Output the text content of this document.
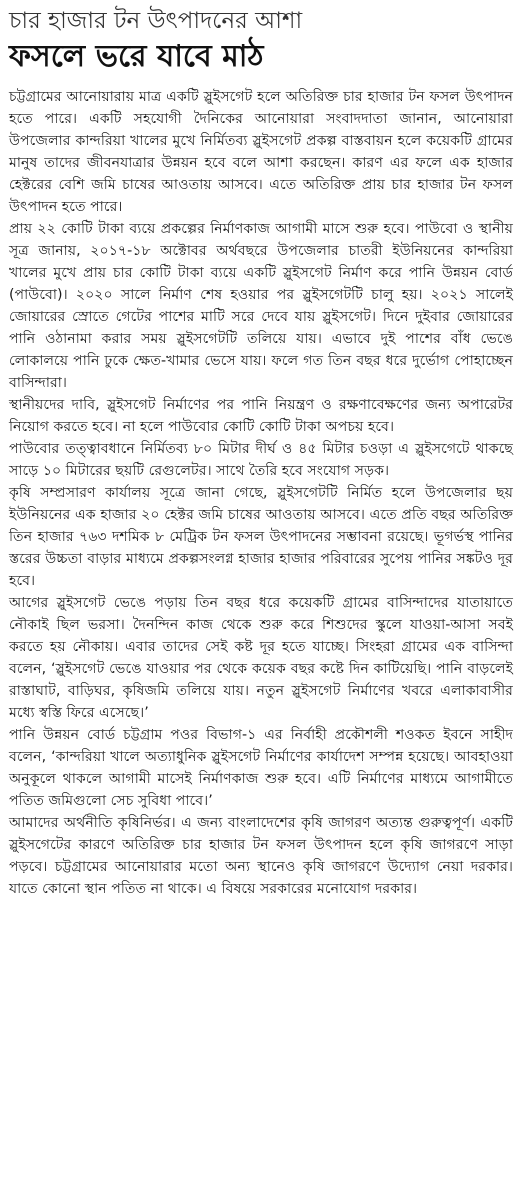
চার হাজার টন উৎপাদনের আশা
ফসলে ভরে যাবে মাঠ

চট্টগ্রামের আনোয়ারায় মাত্র একটি স্লুইসগেট হলে অতিরিক্ত চার হাজার টন ফসল উৎপাদন হতে পারে। একটি সহযোগী দৈনিকের আনোয়ারা সংবাদদাতা জানান, আনোয়ারা উপজেলার কান্দরিয়া খালের মুখে নির্মিতব্য স্লুইসগেট প্রকল্প বাস্তবায়ন হলে কয়েকটি গ্রামের মানুষ তাদের জীবনযাত্রার উন্নয়ন হবে বলে আশা করছেন। কারণ এর ফলে এক হাজার হেক্টরের বেশি জমি চাষের আওতায় আসবে। এতে অতিরিক্ত প্রায় চার হাজার টন ফসল উৎপাদন হতে পারে।

প্রায় ২২ কোটি টাকা ব্যয়ে প্রকল্পের নির্মাণকাজ আগামী মাসে শুরু হবে। পাউবো ও স্থানীয় সূত্র জানায়, ২০১৭-১৮ অক্টোবর অর্থবছরে উপজেলার চাতরী ইউনিয়নের কান্দরিয়া খালের মুখে প্রায় চার কোটি টাকা ব্যয়ে একটি স্লুইসগেট নির্মাণ করে পানি উন্নয়ন বোর্ড (পাউবো)। ২০২০ সালে নির্মাণ শেষ হওয়ার পর স্লুইসগেটটি চালু হয়। ২০২১ সালেই জোয়ারের স্রোতে গেটের পাশের মাটি সরে দেবে যায় স্লুইসগেট। দিনে দুইবার জোয়ারের পানি ওঠানামা করার সময় স্লুইসগেটটি তলিয়ে যায়। এভাবে দুই পাশের বাঁধ ভেঙে লোকালয়ে পানি ঢুকে ক্ষেত-খামার ভেসে যায়। ফলে গত তিন বছর ধরে দুর্ভোগ পোহাচ্ছেন বাসিন্দারা।

স্থানীয়দের দাবি, স্লুইসগেট নির্মাণের পর পানি নিয়ন্ত্রণ ও রক্ষণাবেক্ষণের জন্য অপারেটর নিয়োগ করতে হবে। না হলে পাউবোর কোটি কোটি টাকা অপচয় হবে।

পাউবোর তত্ত্বাবধানে নির্মিতব্য ৮০ মিটার দীর্ঘ ও ৪৫ মিটার চওড়া এ স্লুইসগেটে থাকছে সাড়ে ১০ মিটারের ছয়টি রেগুলেটর। সাথে তৈরি হবে সংযোগ সড়ক।

কৃষি সম্প্রসারণ কার্যালয় সূত্রে জানা গেছে, স্লুইসগেটটি নির্মিত হলে উপজেলার ছয় ইউনিয়নের এক হাজার ২০ হেক্টর জমি চাষের আওতায় আসবে। এতে প্রতি বছর অতিরিক্ত তিন হাজার ৭৬৩ দশমিক ৮ মেট্রিক টন ফসল উৎপাদনের সম্ভাবনা রয়েছে। ভূগর্ভস্থ পানির স্তরের উচ্চতা বাড়ার মাধ্যমে প্রকল্পসংলগ্ন হাজার হাজার পরিবারের সুপেয় পানির সঙ্কটও দূর হবে।

আগের স্লুইসগেট ভেঙে পড়ায় তিন বছর ধরে কয়েকটি গ্রামের বাসিন্দাদের যাতায়াতে নৌকাই ছিল ভরসা। দৈনন্দিন কাজ থেকে শুরু করে শিশুদের স্কুলে যাওয়া-আসা সবই করতে হয় নৌকায়। এবার তাদের সেই কষ্ট দূর হতে যাচ্ছে। সিংহরা গ্রামের এক বাসিন্দা বলেন, ‘স্লুইসগেট ভেঙে যাওয়ার পর থেকে কয়েক বছর কষ্টে দিন কাটিয়েছি। পানি বাড়লেই রাস্তাঘাট, বাড়িঘর, কৃষিজমি তলিয়ে যায়। নতুন স্লুইসগেট নির্মাণের খবরে এলাকাবাসীর মধ্যে স্বস্তি ফিরে এসেছে।’

পানি উন্নয়ন বোর্ড চট্টগ্রাম পওর বিভাগ-১ এর নির্বাহী প্রকৌশলী শওকত ইবনে সাহীদ বলেন, ‘কান্দরিয়া খালে অত্যাধুনিক স্লুইসগেট নির্মাণের কার্যাদেশ সম্পন্ন হয়েছে। আবহাওয়া অনুকূলে থাকলে আগামী মাসেই নির্মাণকাজ শুরু হবে। এটি নির্মাণের মাধ্যমে আগামীতে পতিত জমিগুলো সেচ সুবিধা পাবে।’

আমাদের অর্থনীতি কৃষিনির্ভর। এ জন্য বাংলাদেশের কৃষি জাগরণ অত্যন্ত গুরুত্বপূর্ণ। একটি স্লুইসগেটের কারণে অতিরিক্ত চার হাজার টন ফসল উৎপাদন হলে কৃষি জাগরণে সাড়া পড়বে। চট্টগ্রামের আনোয়ারার মতো অন্য স্থানেও কৃষি জাগরণে উদ্যোগ নেয়া দরকার। যাতে কোনো স্থান পতিত না থাকে। এ বিষয়ে সরকারের মনোযোগ দরকার।
